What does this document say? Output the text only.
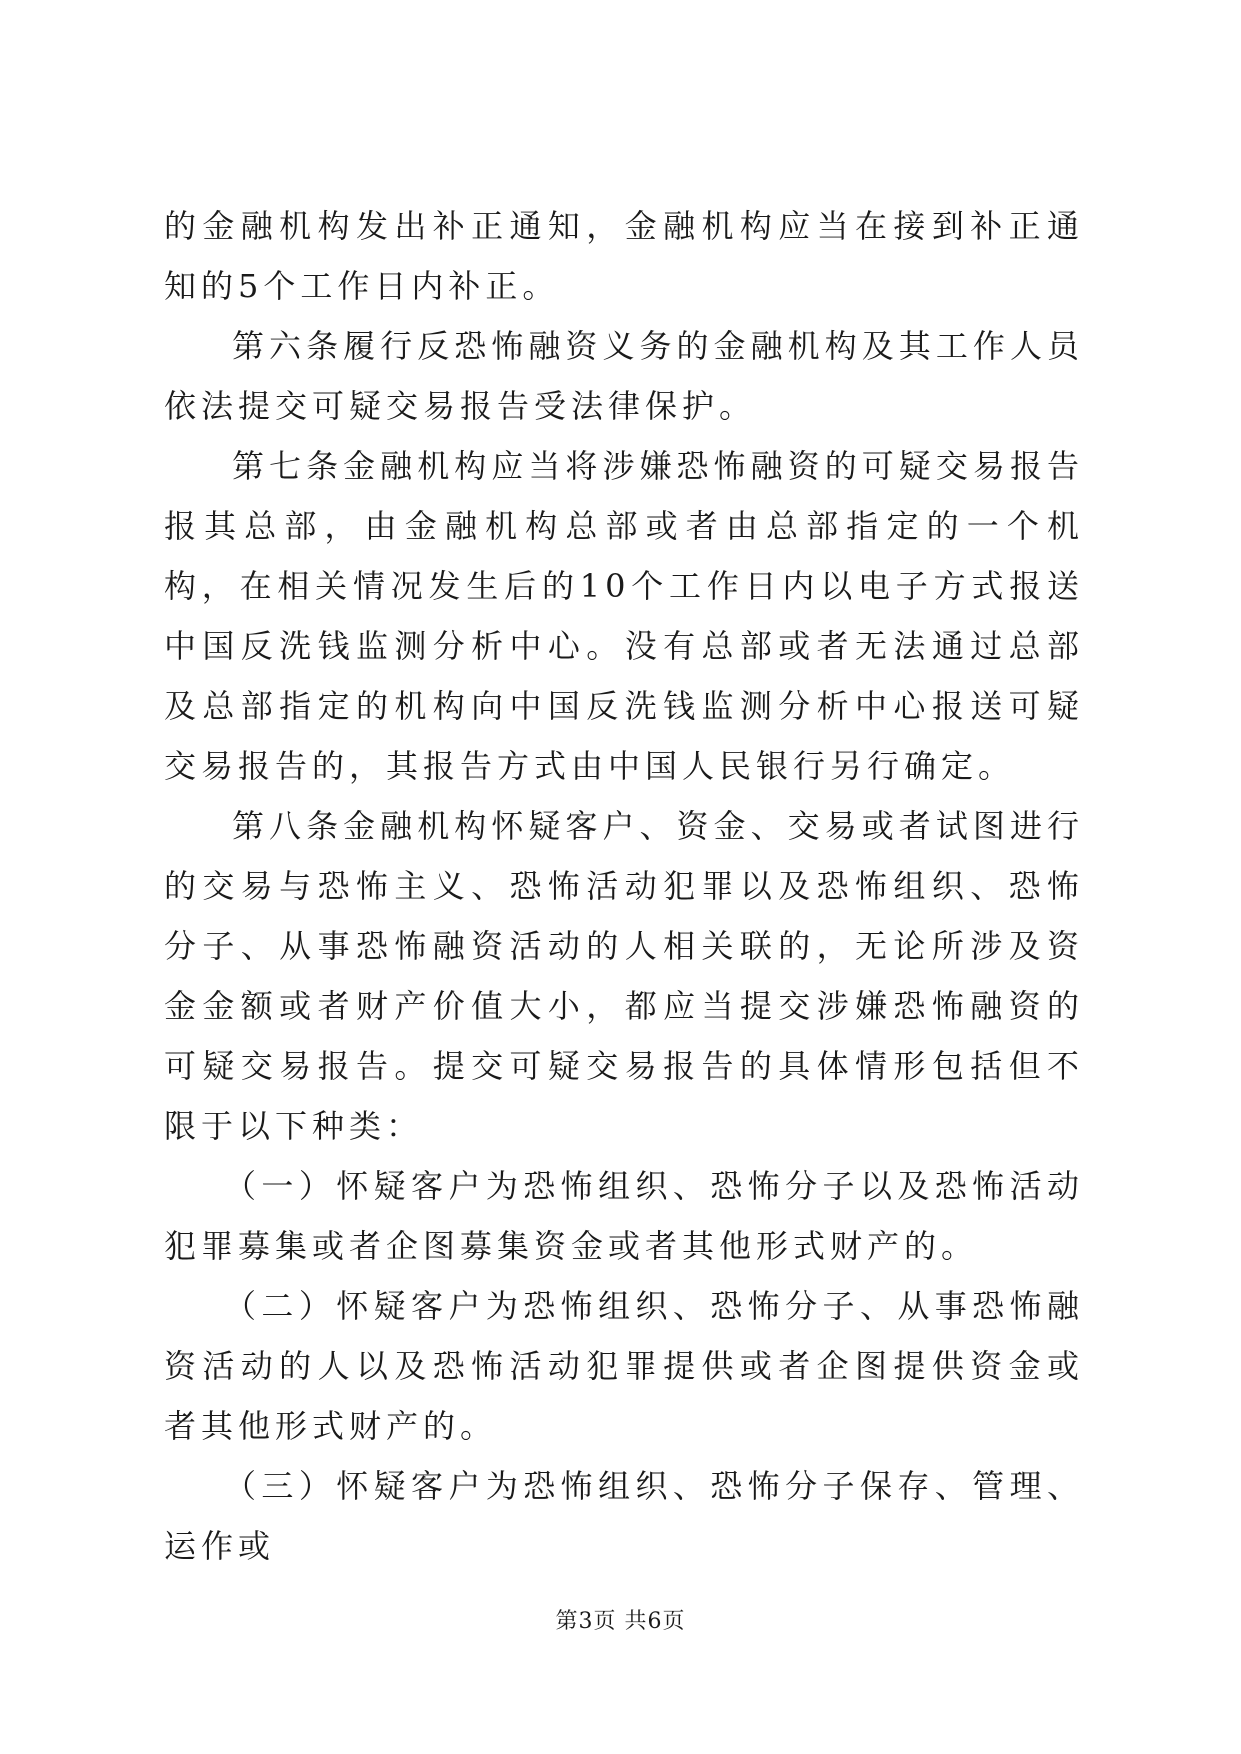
的金融机构发出补正通知，金融机构应当在接到补正通知的5个工作日内补正。

第六条履行反恐怖融资义务的金融机构及其工作人员依法提交可疑交易报告受法律保护。

第七条金融机构应当将涉嫌恐怖融资的可疑交易报告报其总部，由金融机构总部或者由总部指定的一个机构，在相关情况发生后的10个工作日内以电子方式报送中国反洗钱监测分析中心。没有总部或者无法通过总部及总部指定的机构向中国反洗钱监测分析中心报送可疑交易报告的，其报告方式由中国人民银行另行确定。

第八条金融机构怀疑客户、资金、交易或者试图进行的交易与恐怖主义、恐怖活动犯罪以及恐怖组织、恐怖分子、从事恐怖融资活动的人相关联的，无论所涉及资金金额或者财产价值大小，都应当提交涉嫌恐怖融资的可疑交易报告。提交可疑交易报告的具体情形包括但不限于以下种类：

（一）怀疑客户为恐怖组织、恐怖分子以及恐怖活动犯罪募集或者企图募集资金或者其他形式财产的。

（二）怀疑客户为恐怖组织、恐怖分子、从事恐怖融资活动的人以及恐怖活动犯罪提供或者企图提供资金或者其他形式财产的。

（三）怀疑客户为恐怖组织、恐怖分子保存、管理、运作或

第3页 共6页
